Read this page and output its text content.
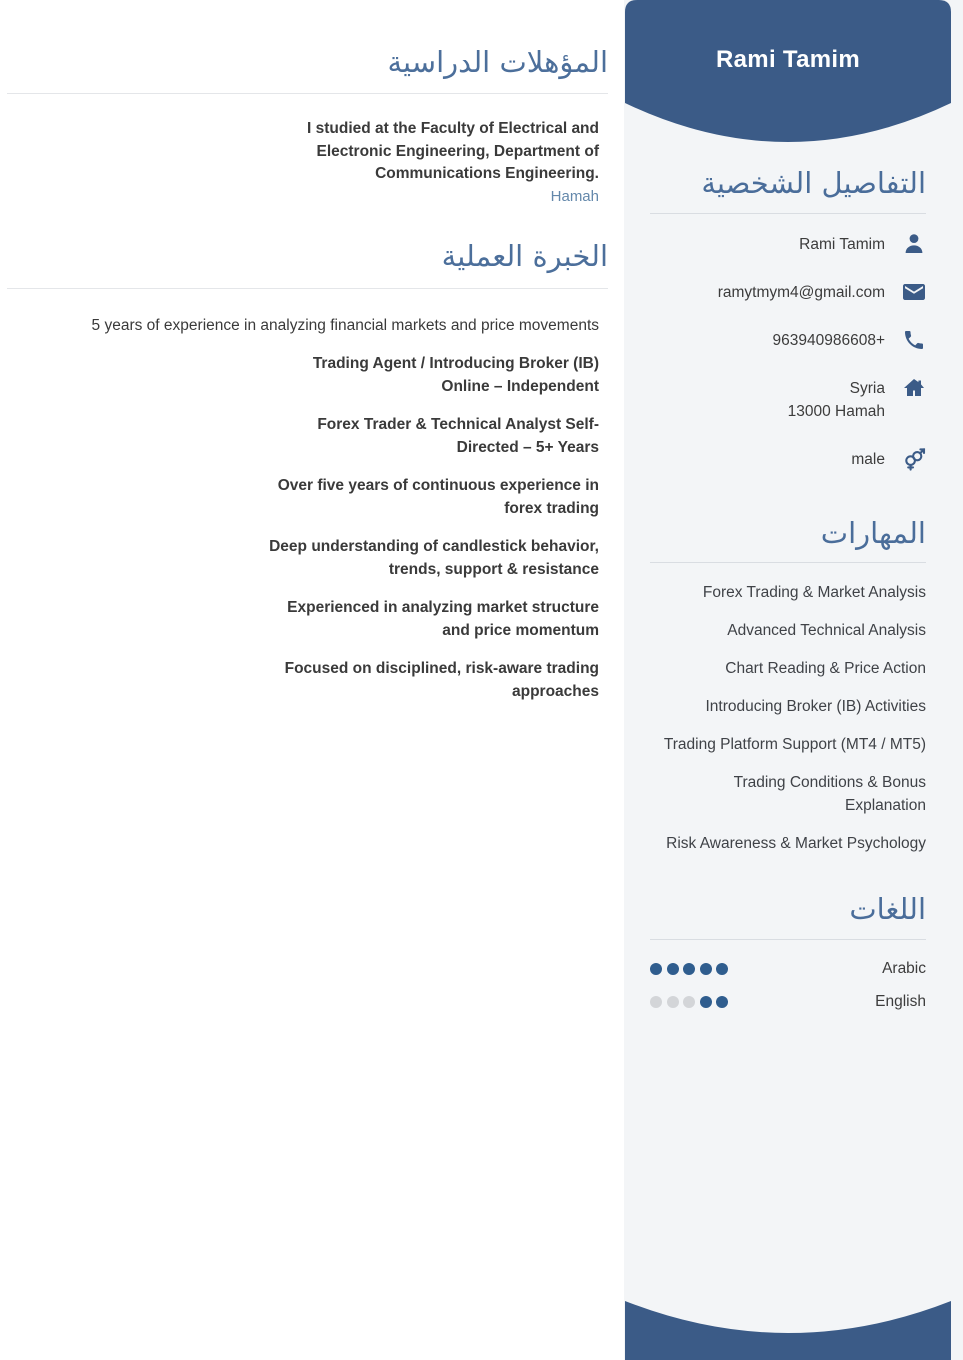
المؤهلات الدراسية
I studied at the Faculty of Electrical and
Electronic Engineering, Department of
Communications Engineering.
Hamah
الخبرة العملية
5 years of experience in analyzing financial markets and price movements
Trading Agent / Introducing Broker (IB)
Online – Independent
Forex Trader & Technical Analyst Self-
Directed – 5+ Years
Over five years of continuous experience in
forex trading
Deep understanding of candlestick behavior,
trends, support & resistance
Experienced in analyzing market structure
and price momentum
Focused on disciplined, risk-aware trading
approaches
Rami Tamim
التفاصيل الشخصية
Rami Tamim
ramytmym4@gmail.com
963940986608+
Syria
13000 Hamah
male
المهارات
Forex Trading & Market Analysis
Advanced Technical Analysis
Chart Reading & Price Action
Introducing Broker (IB) Activities
Trading Platform Support (MT4 / MT5)
Trading Conditions & Bonus Explanation
Risk Awareness & Market Psychology
اللغات
Arabic
English
